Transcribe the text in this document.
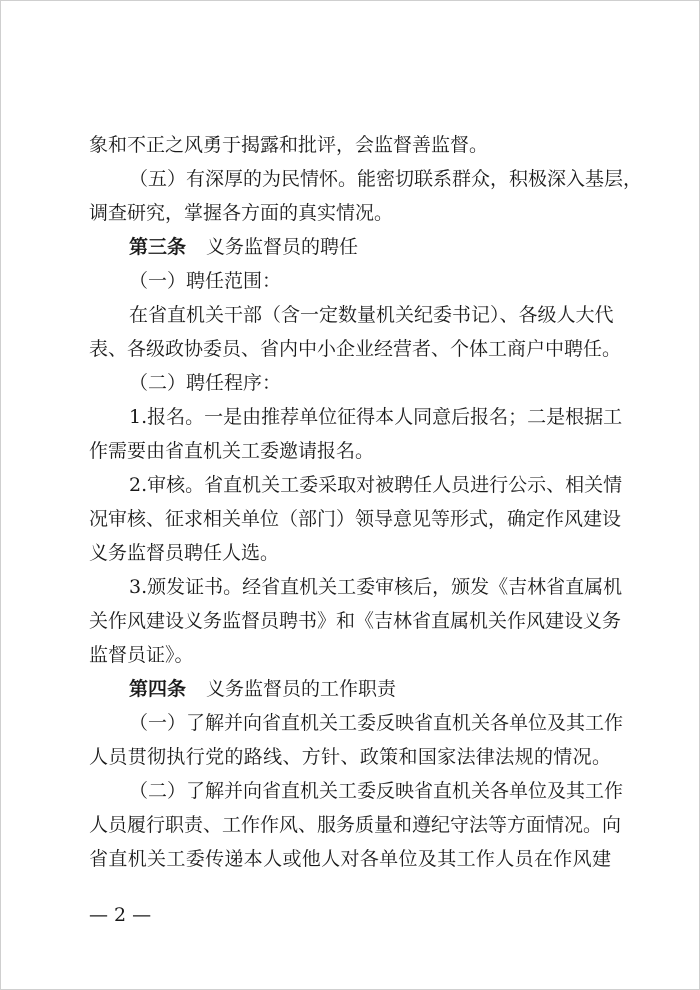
象和不正之风勇于揭露和批评，会监督善监督。
（五）有深厚的为民情怀。能密切联系群众，积极深入基层，
调查研究，掌握各方面的真实情况。
第三条 义务监督员的聘任
（一）聘任范围：
在省直机关干部（含一定数量机关纪委书记）、各级人大代
表、各级政协委员、省内中小企业经营者、个体工商户中聘任。
（二）聘任程序：
1.报名。一是由推荐单位征得本人同意后报名；二是根据工
作需要由省直机关工委邀请报名。
2.审核。省直机关工委采取对被聘任人员进行公示、相关情
况审核、征求相关单位（部门）领导意见等形式，确定作风建设
义务监督员聘任人选。
3.颁发证书。经省直机关工委审核后，颁发《吉林省直属机
关作风建设义务监督员聘书》和《吉林省直属机关作风建设义务
监督员证》。
第四条 义务监督员的工作职责
（一）了解并向省直机关工委反映省直机关各单位及其工作
人员贯彻执行党的路线、方针、政策和国家法律法规的情况。
（二）了解并向省直机关工委反映省直机关各单位及其工作
人员履行职责、工作作风、服务质量和遵纪守法等方面情况。向
省直机关工委传递本人或他人对各单位及其工作人员在作风建
— 2 —
